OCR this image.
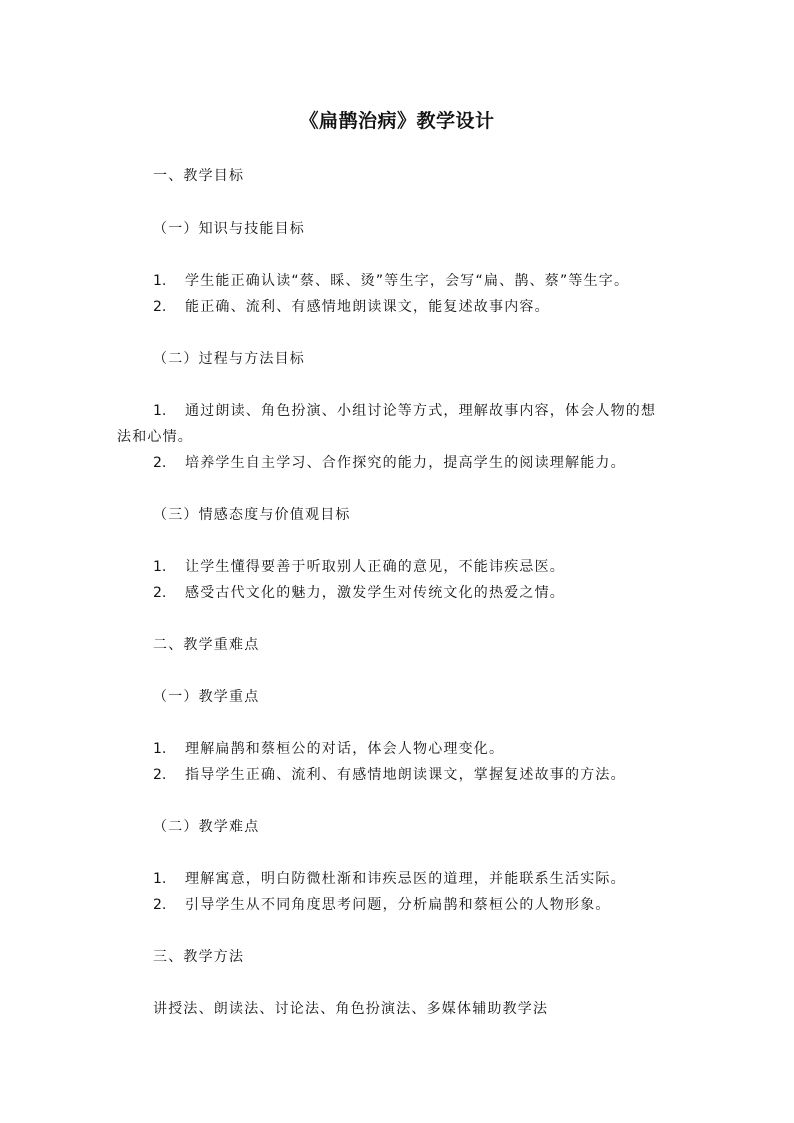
《扁鹊治病》教学设计
一、教学目标
（一）知识与技能目标
1. 学生能正确认读“蔡、睬、烫”等生字，会写“扁、鹊、蔡”等生字。
2. 能正确、流利、有感情地朗读课文，能复述故事内容。
（二）过程与方法目标
1. 通过朗读、角色扮演、小组讨论等方式，理解故事内容，体会人物的想
法和心情。
2. 培养学生自主学习、合作探究的能力，提高学生的阅读理解能力。
（三）情感态度与价值观目标
1. 让学生懂得要善于听取别人正确的意见，不能讳疾忌医。
2. 感受古代文化的魅力，激发学生对传统文化的热爱之情。
二、教学重难点
（一）教学重点
1. 理解扁鹊和蔡桓公的对话，体会人物心理变化。
2. 指导学生正确、流利、有感情地朗读课文，掌握复述故事的方法。
（二）教学难点
1. 理解寓意，明白防微杜渐和讳疾忌医的道理，并能联系生活实际。
2. 引导学生从不同角度思考问题，分析扁鹊和蔡桓公的人物形象。
三、教学方法
讲授法、朗读法、讨论法、角色扮演法、多媒体辅助教学法
